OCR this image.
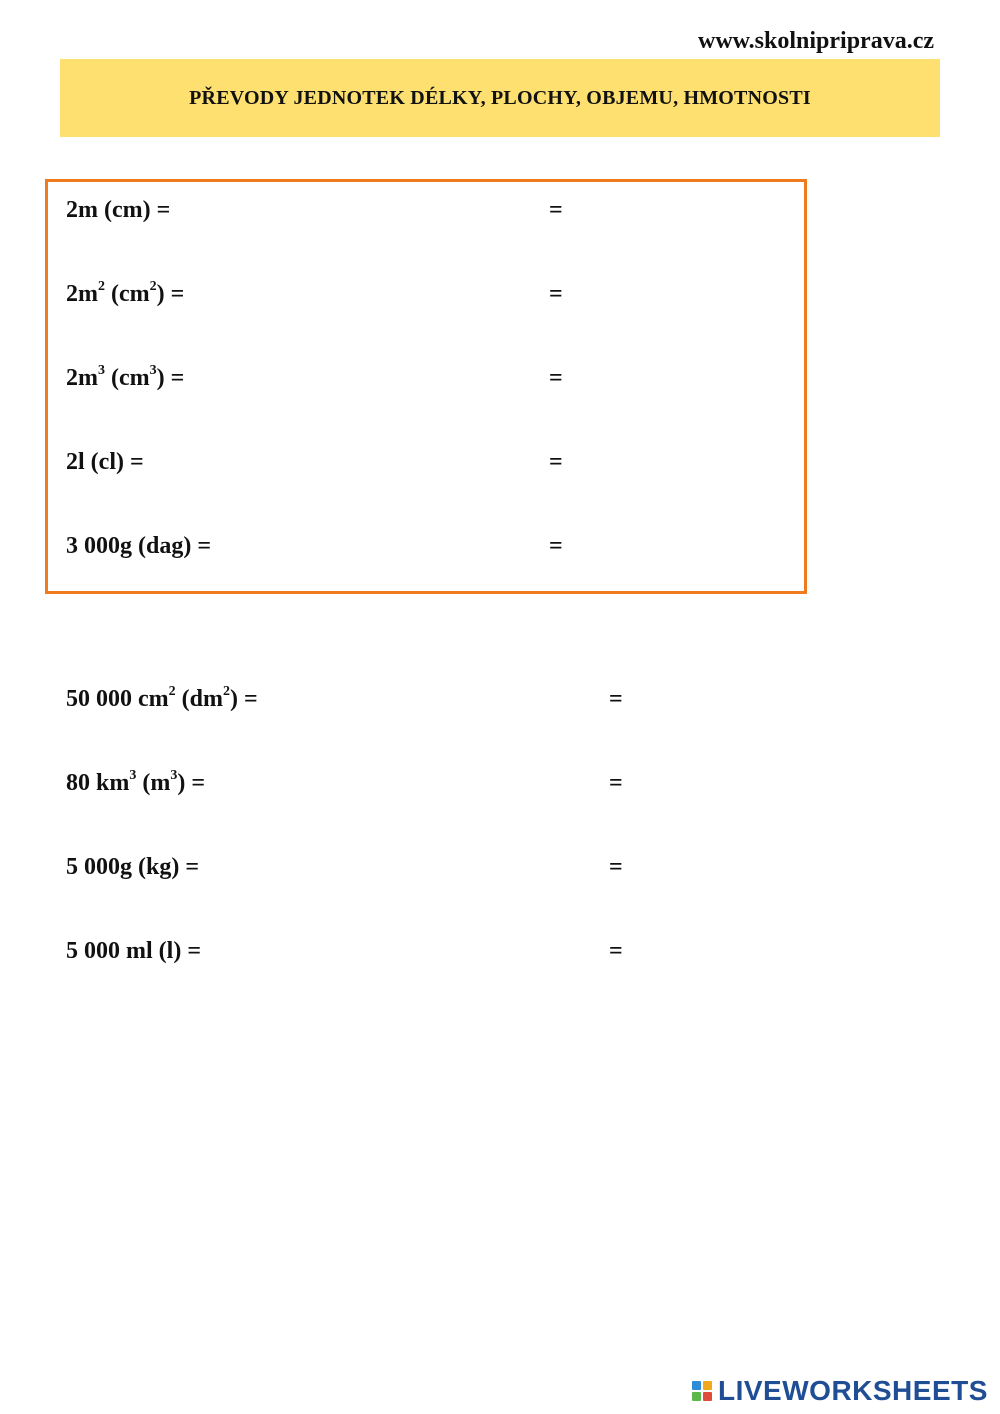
www.skolnipriprava.cz
PŘEVODY JEDNOTEK DÉLKY, PLOCHY, OBJEMU, HMOTNOSTI
2m (cm) =	=
$2m^2$ $(cm^2)$ =	=
$2m^3$ $(cm^3)$ =	=
2l (cl) =	=
3 000g (dag) =	=
50 000 $cm^2$ $(dm^2)$ =	=
80 $km^3$ $(m^3)$ =	=
5 000g (kg) =	=
5 000 ml (l) =	=
LIVEWORKSHEETS
